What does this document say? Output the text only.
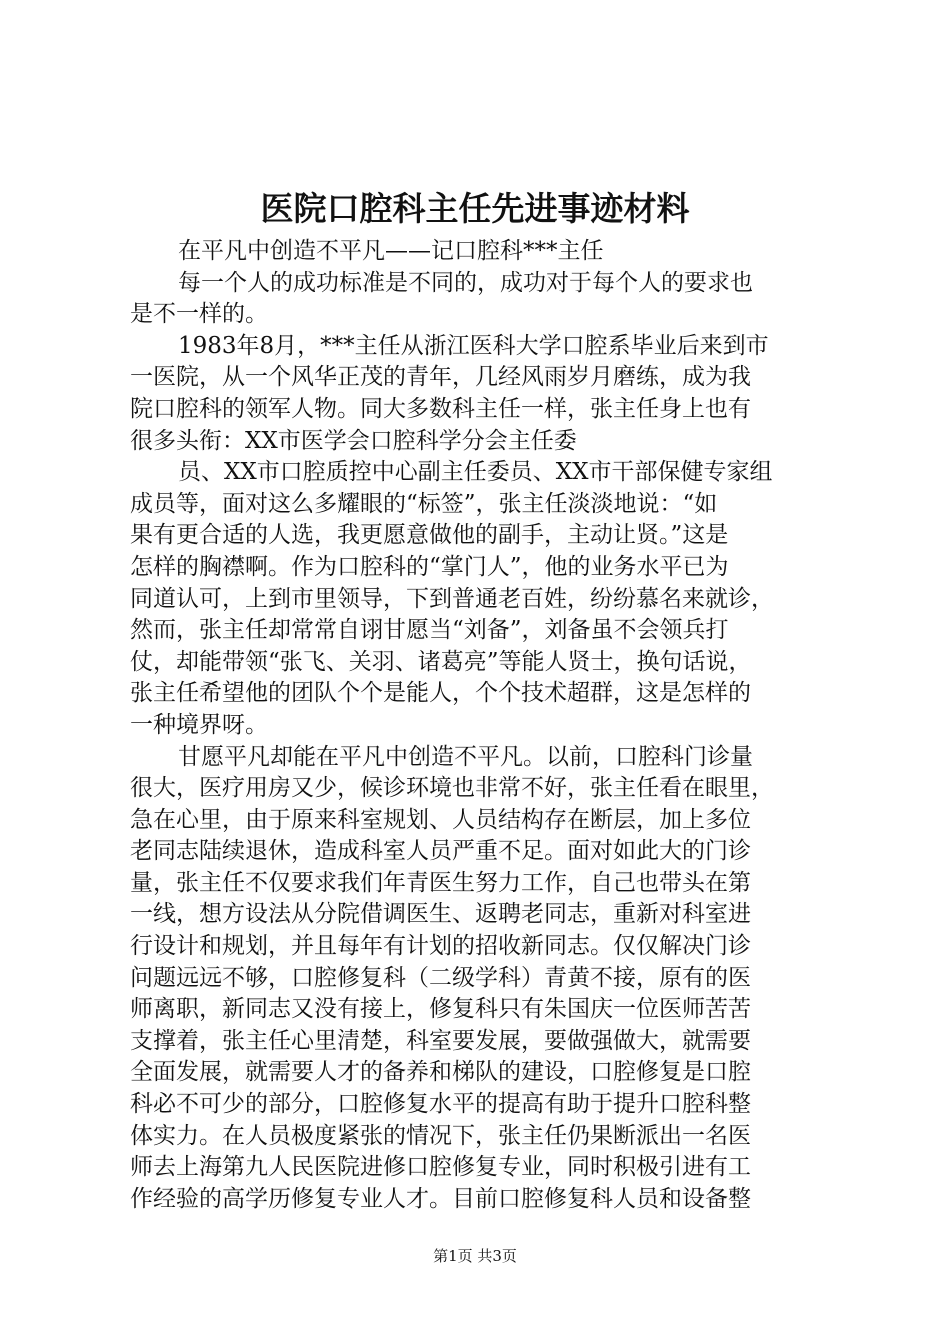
医院口腔科主任先进事迹材料
在平凡中创造不平凡——记口腔科***主任
每一个人的成功标准是不同的，成功对于每个人的要求也
是不一样的。
1983年8月，***主任从浙江医科大学口腔系毕业后来到市
一医院，从一个风华正茂的青年，几经风雨岁月磨练，成为我
院口腔科的领军人物。同大多数科主任一样，张主任身上也有
很多头衔：XX市医学会口腔科学分会主任委
员、XX市口腔质控中心副主任委员、XX市干部保健专家组
成员等，面对这么多耀眼的“标签”，张主任淡淡地说：“如
果有更合适的人选，我更愿意做他的副手，主动让贤。”这是
怎样的胸襟啊。作为口腔科的“掌门人”，他的业务水平已为
同道认可，上到市里领导，下到普通老百姓，纷纷慕名来就诊，
然而，张主任却常常自诩甘愿当“刘备”，刘备虽不会领兵打
仗，却能带领“张飞、关羽、诸葛亮”等能人贤士，换句话说，
张主任希望他的团队个个是能人，个个技术超群，这是怎样的
一种境界呀。
甘愿平凡却能在平凡中创造不平凡。以前，口腔科门诊量
很大，医疗用房又少，候诊环境也非常不好，张主任看在眼里，
急在心里，由于原来科室规划、人员结构存在断层，加上多位
老同志陆续退休，造成科室人员严重不足。面对如此大的门诊
量，张主任不仅要求我们年青医生努力工作，自己也带头在第
一线，想方设法从分院借调医生、返聘老同志，重新对科室进
行设计和规划，并且每年有计划的招收新同志。仅仅解决门诊
问题远远不够，口腔修复科（二级学科）青黄不接，原有的医
师离职，新同志又没有接上，修复科只有朱国庆一位医师苦苦
支撑着，张主任心里清楚，科室要发展，要做强做大，就需要
全面发展，就需要人才的备养和梯队的建设，口腔修复是口腔
科必不可少的部分，口腔修复水平的提高有助于提升口腔科整
体实力。在人员极度紧张的情况下，张主任仍果断派出一名医
师去上海第九人民医院进修口腔修复专业，同时积极引进有工
作经验的高学历修复专业人才。目前口腔修复科人员和设备整
第1页 共3页
